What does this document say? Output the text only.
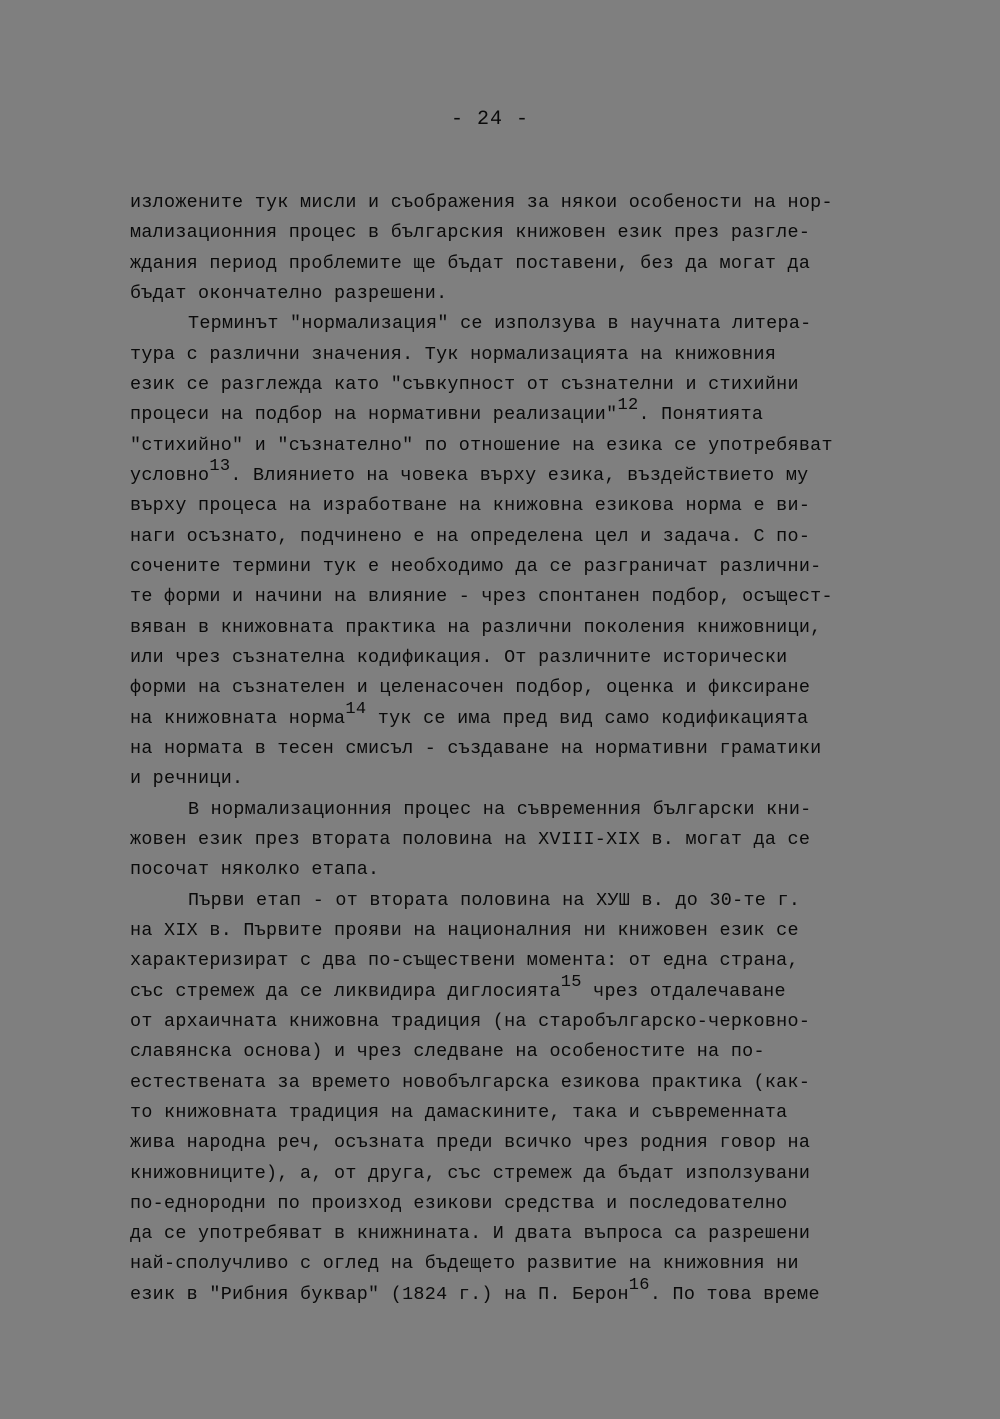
- 24 -
изложените тук мисли и съображения за някои особености на нор-
мализационния процес в българския книжовен език през разгле-
ждания период проблемите ще бъдат поставени, без да могат да
бъдат окончателно разрешени.
Терминът "нормализация" се използува в научната литера-
тура с различни значения. Тук нормализацията на книжовния
език се разглежда като "съвкупност от съзнателни и стихийни
процеси на подбор на нормативни реализации"12. Понятията
"стихийно" и "съзнателно" по отношение на езика се употребяват
условно13. Влиянието на човека върху езика, въздействието му
върху процеса на изработване на книжовна езикова норма е ви-
наги осъзнато, подчинено е на определена цел и задача. С по-
сочените термини тук е необходимо да се разграничат различни-
те форми и начини на влияние - чрез спонтанен подбор, осъщест-
вяван в книжовната практика на различни поколения книжовници,
или чрез съзнателна кодификация. От различните исторически
форми на съзнателен и целенасочен подбор, оценка и фиксиране
на книжовната норма14 тук се има пред вид само кодификацията
на нормата в тесен смисъл - създаване на нормативни граматики
и речници.
В нормализационния процес на съвременния български кни-
жовен език през втората половина на XVIII-XIX в. могат да се
посочат няколко етапа.
Първи етап - от втората половина на ХУШ в. до 30-те г.
на XIX в. Първите прояви на националния ни книжовен език се
характеризират с два по-съществени момента: от една страна,
със стремеж да се ликвидира диглосията15 чрез отдалечаване
от архаичната книжовна традиция (на старобългарско-черковно-
славянска основа) и чрез следване на особеностите на по-
естествената за времето новобългарска езикова практика (как-
то книжовната традиция на дамаскините, така и съвременната
жива народна реч, осъзната преди всичко чрез родния говор на
книжовниците), а, от друга, със стремеж да бъдат използувани
по-еднородни по произход езикови средства и последователно
да се употребяват в книжнината. И двата въпроса са разрешени
най-сполучливо с оглед на бъдещето развитие на книжовния ни
език в "Рибния буквар" (1824 г.) на П. Берон16. По това време
